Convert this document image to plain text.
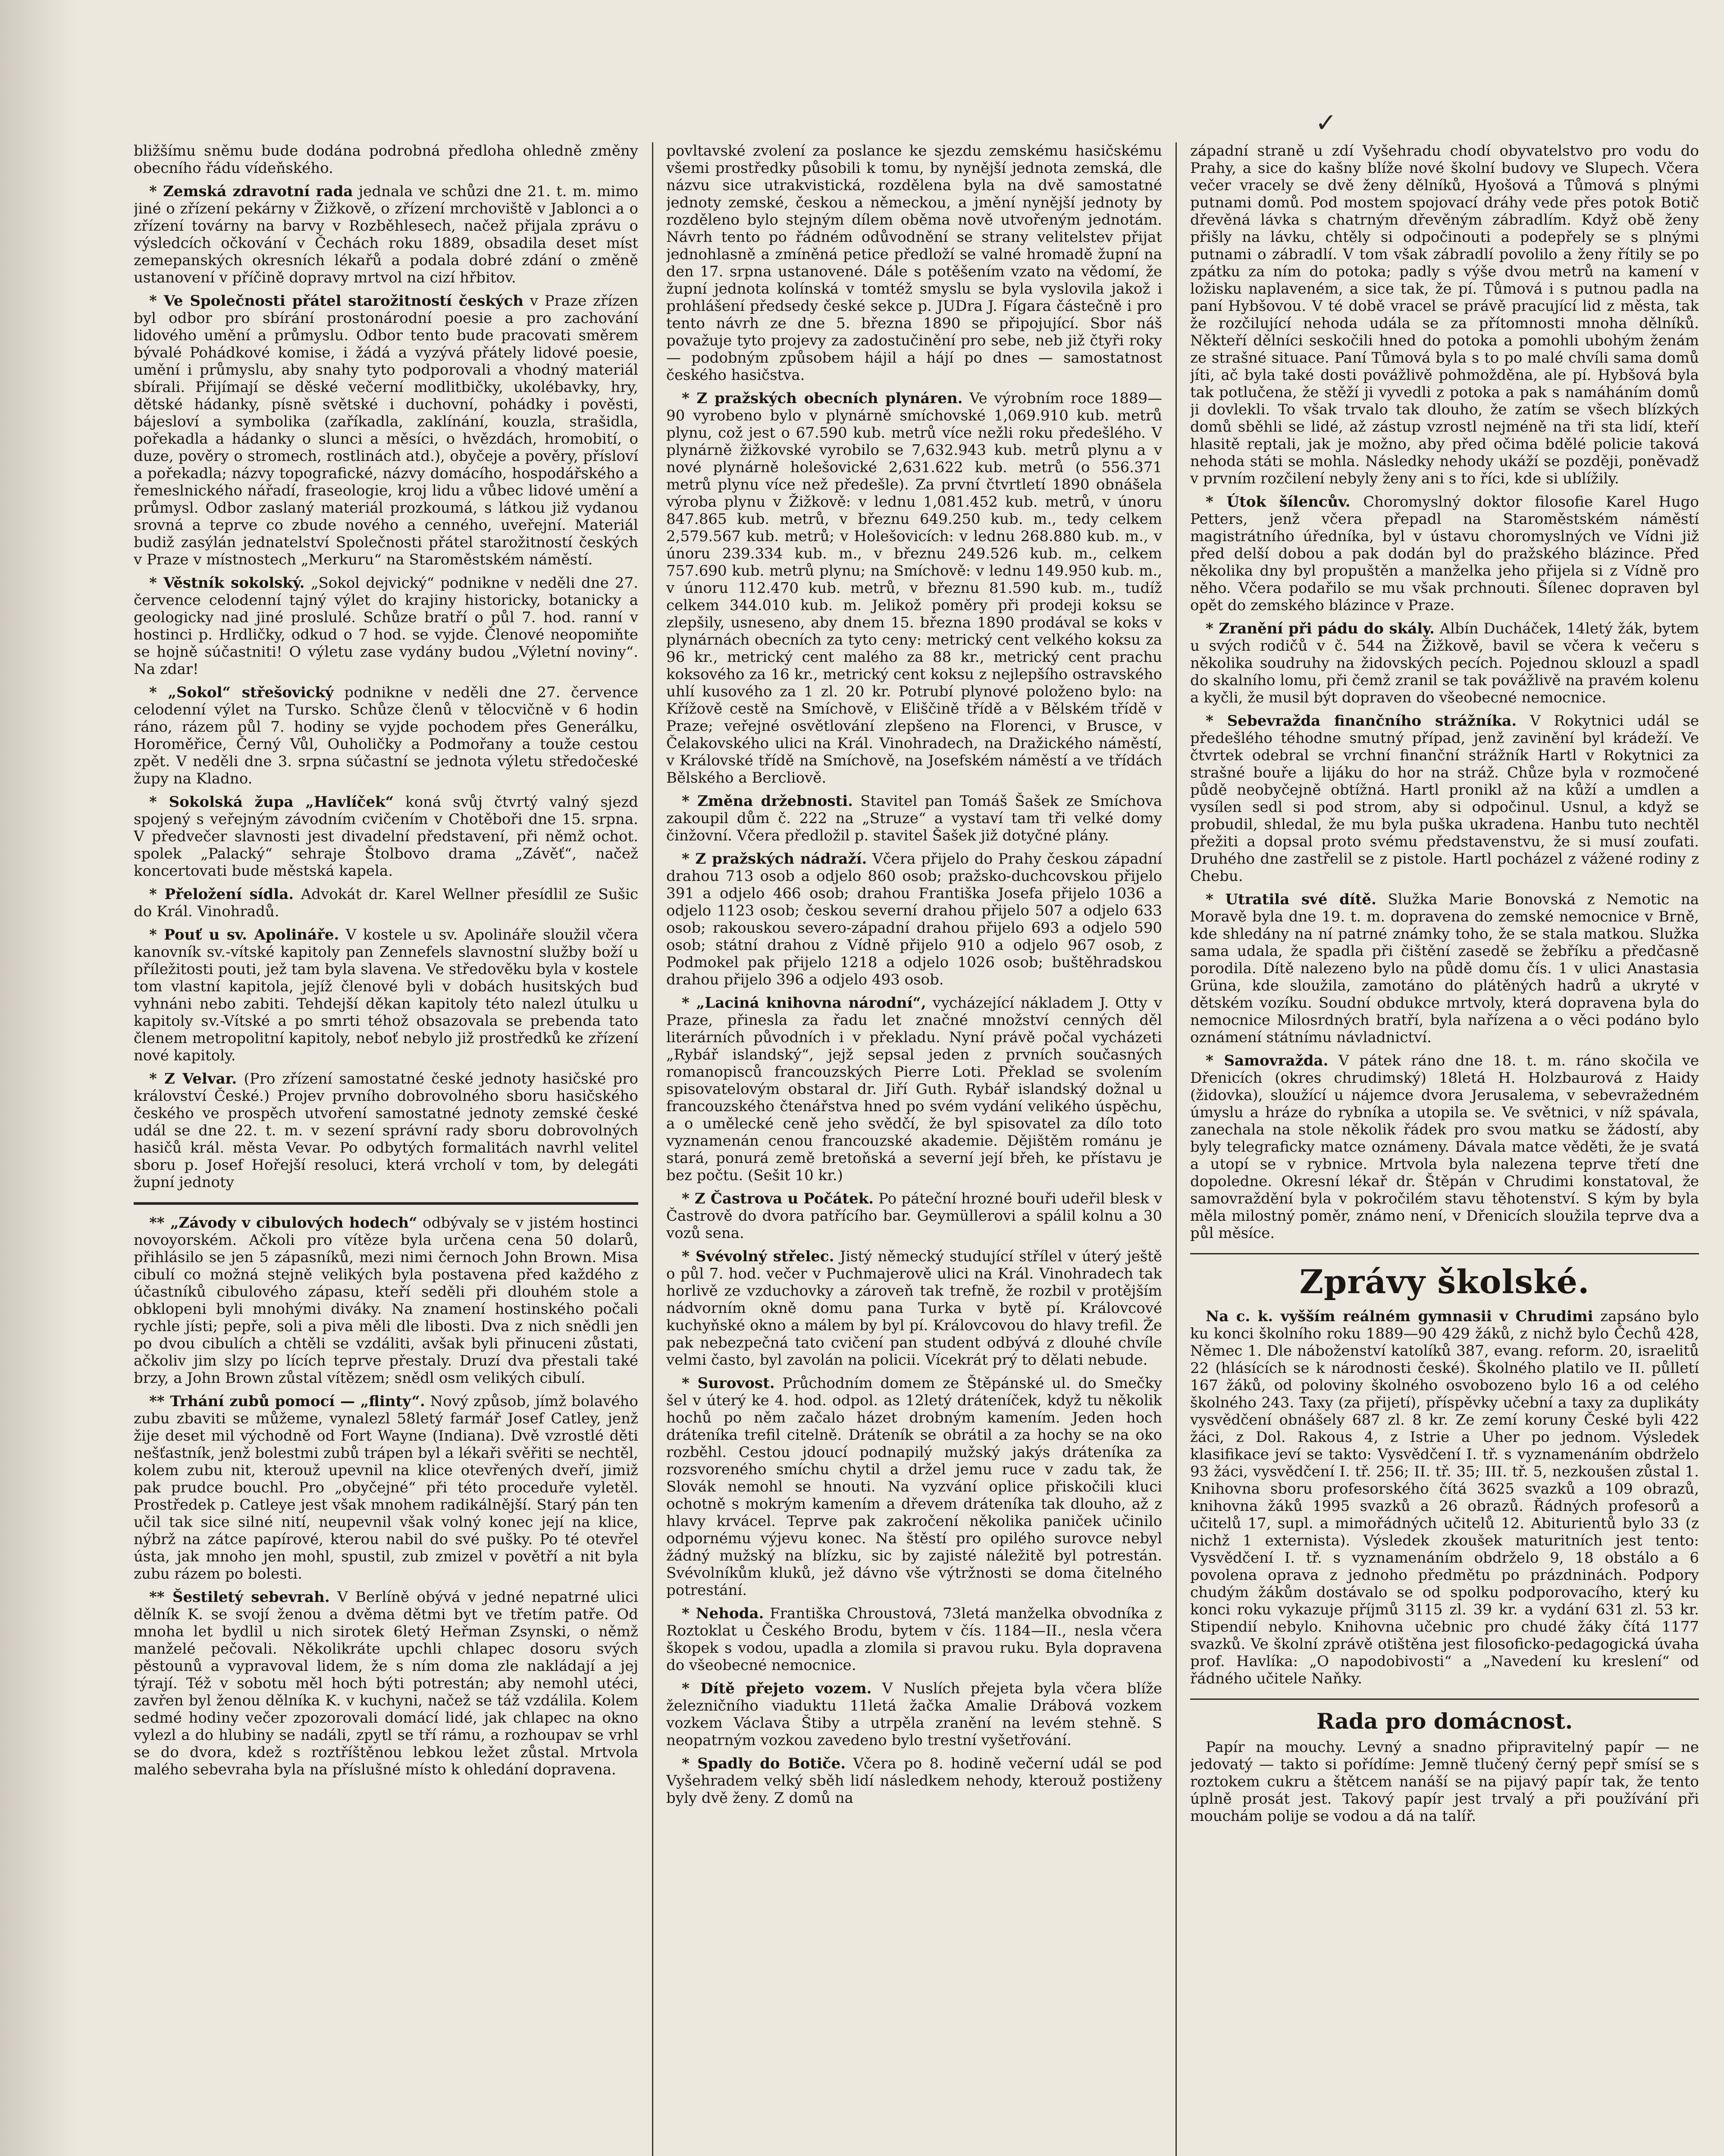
✓

bližšímu sněmu bude dodána podrobná předloha ohledně změny obecního řádu vídeňského.

* Zemská zdravotní rada jednala ve schůzi dne 21. t. m. mimo jiné o zřízení pekárny v Žižkově, o zřízení mrchoviště v Jablonci a o zřízení továrny na barvy v Rozběhlesech, načež přijala zprávu o výsledcích očkování v Čechách roku 1889, obsadila deset míst zemepanských okresních lékařů a podala dobré zdání o změně ustanovení v příčině dopravy mrtvol na cizí hřbitov.

* Ve Společnosti přátel starožitností českých v Praze zřízen byl odbor pro sbírání prostonárodní poesie a pro zachování lidového umění a průmyslu. Odbor tento bude pracovati směrem bývalé Pohádkové komise, i žádá a vyzývá přátely lidové poesie, umění i průmyslu, aby snahy tyto podporovali a vhodný materiál sbírali. Přijímají se děské večerní modlitbičky, ukolébavky, hry, dětské hádanky, písně světské i duchovní, pohádky i pověsti, bájesloví a symbolika (zaříkadla, zaklínání, kouzla, strašidla, pořekadla a hádanky o slunci a měsíci, o hvězdách, hromobití, o duze, pověry o stromech, rostlinách atd.), obyčeje a pověry, přísloví a pořekadla; názvy topografické, názvy domácího, hospodářského a řemeslnického nářadí, fraseologie, kroj lidu a vůbec lidové umění a průmysl. Odbor zaslaný materiál prozkoumá, s látkou již vydanou srovná a teprve co zbude nového a cenného, uveřejní. Materiál budiž zasýlán jednatelství Společnosti přátel starožitností českých v Praze v místnostech „Merkuru“ na Staroměstském náměstí.

* Věstník sokolský. „Sokol dejvický“ podnikne v neděli dne 27. července celodenní tajný výlet do krajiny historicky, botanicky a geologicky nad jiné proslulé. Schůze bratří o půl 7. hod. ranní v hostinci p. Hrdličky, odkud o 7 hod. se vyjde. Členové neopomiňte se hojně súčastniti! O výletu zase vydány budou „Výletní noviny“. Na zdar!

* „Sokol“ střešovický podnikne v neděli dne 27. července celodenní výlet na Tursko. Schůze členů v tělocvičně v 6 hodin ráno, rázem půl 7. hodiny se vyjde pochodem přes Generálku, Horoměřice, Černý Vůl, Ouholičky a Podmořany a touže cestou zpět. V neděli dne 3. srpna súčastní se jednota výletu středočeské župy na Kladno.

* Sokolská župa „Havlíček“ koná svůj čtvrtý valný sjezd spojený s veřejným závodním cvičením v Chotěboři dne 15. srpna. V předvečer slavnosti jest divadelní představení, při němž ochot. spolek „Palacký“ sehraje Štolbovo drama „Závěť“, načež koncertovati bude městská kapela.

* Přeložení sídla. Advokát dr. Karel Wellner přesídlil ze Sušic do Král. Vinohradů.

* Pouť u sv. Apolináře. V kostele u sv. Apolináře sloužil včera kanovník sv.-vítské kapitoly pan Zennefels slavnostní služby boží u příležitosti pouti, jež tam byla slavena. Ve středověku byla v kostele tom vlastní kapitola, jejíž členové byli v dobách husitských buď vyhnáni nebo zabiti. Tehdejší děkan kapitoly této nalezl útulku u kapitoly sv.-Vítské a po smrti téhož obsazovala se prebenda tato členem metropolitní kapitoly, neboť nebylo již prostředků ke zřízení nové kapitoly.

* Z Velvar. (Pro zřízení samostatné české jednoty hasičské pro království České.) Projev prvního dobrovolného sboru hasičského českého ve prospěch utvoření samostatné jednoty zemské české udál se dne 22. t. m. v sezení správní rady sboru dobrovolných hasičů král. města Vevar. Po odbytých formalitách navrhl velitel sboru p. Josef Hořejší resoluci, která vrcholí v tom, by delegáti župní jednoty

** „Závody v cibulových hodech“ odbývaly se v jistém hostinci novoyorském. Ačkoli pro vítěze byla určena cena 50 dolarů, přihlásilo se jen 5 zápasníků, mezi nimi černoch John Brown. Misa cibulí co možná stejně velikých byla postavena před každého z účastníků cibulového zápasu, kteří seděli při dlouhém stole a obklopeni byli mnohými diváky. Na znamení hostinského počali rychle jísti; pepře, soli a piva měli dle libosti. Dva z nich snědli jen po dvou cibulích a chtěli se vzdáliti, avšak byli přinuceni zůstati, ačkoliv jim slzy po lících teprve přestaly. Druzí dva přestali také brzy, a John Brown zůstal vítězem; snědl osm velikých cibulí.

** Trhání zubů pomocí — „flinty“. Nový způsob, jímž bolavého zubu zbaviti se můžeme, vynalezl 58letý farmář Josef Catley, jenž žije deset mil východně od Fort Wayne (Indiana). Dvě vzrostlé děti nešťastník, jenž bolestmi zubů trápen byl a lékaři svěřiti se nechtěl, kolem zubu nit, kterouž upevnil na klice otevřených dveří, jimiž pak prudce bouchl. Pro „obyčejné“ při této proceduře vyletěl. Prostředek p. Catleye jest však mnohem radikálnější. Starý pán ten učil tak sice silné nití, neupevnil však volný konec její na klice, nýbrž na zátce papírové, kterou nabil do své pušky. Po té otevřel ústa, jak mnoho jen mohl, spustil, zub zmizel v povětří a nit byla zubu rázem po bolesti.

** Šestiletý sebevrah. V Berlíně obývá v jedné nepatrné ulici dělník K. se svojí ženou a dvěma dětmi byt ve třetím patře. Od mnoha let bydlil u nich sirotek 6letý Heřman Zsynski, o němž manželé pečovali. Několikráte upchli chlapec dosoru svých pěstounů a vypravoval lidem, že s ním doma zle nakládají a jej týrají. Též v sobotu měl hoch býti potrestán; aby nemohl utéci, zavřen byl ženou dělníka K. v kuchyni, načež se táž vzdálila. Kolem sedmé hodiny večer zpozorovali domácí lidé, jak chlapec na okno vylezl a do hlubiny se nadáli, zpytl se tří rámu, a rozhoupav se vrhl se do dvora, kdež s roztříštěnou lebkou ležet zůstal. Mrtvola malého sebevraha byla na příslušné místo k ohledání dopravena.

povltavské zvolení za poslance ke sjezdu zemskému hasičskému všemi prostředky působili k tomu, by nynější jednota zemská, dle názvu sice utrakvistická, rozdělena byla na dvě samostatné jednoty zemské, českou a německou, a jmění nynější jednoty by rozděleno bylo stejným dílem oběma nově utvořeným jednotám. Návrh tento po řádném odůvodnění se strany velitelstev přijat jednohlasně a zmíněná petice předloží se valné hromadě župní na den 17. srpna ustanovené. Dále s potěšením vzato na vědomí, že župní jednota kolínská v tomtéž smyslu se byla vyslovila jakož i prohlášení předsedy české sekce p. JUDra J. Fígara částečně i pro tento návrh ze dne 5. března 1890 se připojující. Sbor náš považuje tyto projevy za zadostučinění pro sebe, neb již čtyři roky — podobným způsobem hájil a hájí po dnes — samostatnost českého hasičstva.

* Z pražských obecních plynáren. Ve výrobním roce 1889—90 vyrobeno bylo v plynárně smíchovské 1,069.910 kub. metrů plynu, což jest o 67.590 kub. metrů více nežli roku předešlého. V plynárně žižkovské vyrobilo se 7,632.943 kub. metrů plynu a v nové plynárně holešovické 2,631.622 kub. metrů (o 556.371 metrů plynu více než předešle). Za první čtvrtletí 1890 obnášela výroba plynu v Žižkově: v lednu 1,081.452 kub. metrů, v únoru 847.865 kub. metrů, v březnu 649.250 kub. m., tedy celkem 2,579.567 kub. metrů; v Holešovicích: v lednu 268.880 kub. m., v únoru 239.334 kub. m., v březnu 249.526 kub. m., celkem 757.690 kub. metrů plynu; na Smíchově: v lednu 149.950 kub. m., v únoru 112.470 kub. metrů, v březnu 81.590 kub. m., tudíž celkem 344.010 kub. m. Jelikož poměry při prodeji koksu se zlepšily, usneseno, aby dnem 15. března 1890 prodával se koks v plynárnách obecních za tyto ceny: metrický cent velkého koksu za 96 kr., metrický cent malého za 88 kr., metrický cent prachu koksového za 16 kr., metrický cent koksu z nejlepšího ostravského uhlí kusového za 1 zl. 20 kr. Potrubí plynové položeno bylo: na Křížově cestě na Smíchově, v Eliščině třídě a v Bělském třídě v Praze; veřejné osvětlování zlepšeno na Florenci, v Brusce, v Čelakovského ulici na Král. Vinohradech, na Dražického náměstí, v Královské třídě na Smíchově, na Josefském náměstí a ve třídách Bělského a Bercliově.

* Změna držebnosti. Stavitel pan Tomáš Šašek ze Smíchova zakoupil dům č. 222 na „Struze“ a vystaví tam tři velké domy činžovní. Včera předložil p. stavitel Šašek již dotyčné plány.

* Z pražských nádraží. Včera přijelo do Prahy českou západní drahou 713 osob a odjelo 860 osob; pražsko-duchcovskou přijelo 391 a odjelo 466 osob; drahou Františka Josefa přijelo 1036 a odjelo 1123 osob; českou severní drahou přijelo 507 a odjelo 633 osob; rakouskou severo-západní drahou přijelo 693 a odjelo 590 osob; státní drahou z Vídně přijelo 910 a odjelo 967 osob, z Podmokel pak přijelo 1218 a odjelo 1026 osob; buštěhradskou drahou přijelo 396 a odjelo 493 osob.

* „Laciná knihovna národní“, vycházející nákladem J. Otty v Praze, přinesla za řadu let značné množství cenných děl literárních původních i v překladu. Nyní právě počal vycházeti „Rybář islandský“, jejž sepsal jeden z prvních současných romanopisců francouzských Pierre Loti. Překlad se svolením spisovatelovým obstaral dr. Jiří Guth. Rybář islandský dožnal u francouzského čtenářstva hned po svém vydání velikého úspěchu, a o umělecké ceně jeho svědčí, že byl spisovatel za dílo toto vyznamenán cenou francouzské akademie. Dějištěm románu je stará, ponurá země bretoňská a severní její břeh, ke přístavu je bez počtu. (Sešit 10 kr.)

* Z Častrova u Počátek. Po páteční hrozné bouři udeřil blesk v Častrově do dvora patřícího bar. Geymüllerovi a spálil kolnu a 30 vozů sena.

* Svévolný střelec. Jistý německý studující střílel v úterý ještě o půl 7. hod. večer v Puchmajerově ulici na Král. Vinohradech tak horlivě ze vzduchovky a zároveň tak trefně, že rozbil v protějším nádvorním okně domu pana Turka v bytě pí. Královcové kuchyňské okno a málem by byl pí. Královcovou do hlavy trefil. Že pak nebezpečná tato cvičení pan student odbývá z dlouhé chvíle velmi často, byl zavolán na policii. Vícekrát prý to dělati nebude.

* Surovost. Průchodním domem ze Štěpánské ul. do Smečky šel v úterý ke 4. hod. odpol. as 12letý dráteníček, když tu několik hochů po něm začalo házet drobným kamením. Jeden hoch dráteníka trefil citelně. Dráteník se obrátil a za hochy se na oko rozběhl. Cestou jdoucí podnapilý mužský jakýs dráteníka za rozsvoreného smíchu chytil a držel jemu ruce v zadu tak, že Slovák nemohl se hnouti. Na vyzvání oplice přiskočili kluci ochotně s mokrým kamením a dřevem dráteníka tak dlouho, až z hlavy krvácel. Teprve pak zakročení několika paniček učinilo odpornému výjevu konec. Na štěstí pro opilého surovce nebyl žádný mužský na blízku, sic by zajisté náležitě byl potrestán. Svévolníkům kluků, jež dávno vše výtržnosti se doma čitelného potrestání.

* Nehoda. Františka Chroustová, 73letá manželka obvodníka z Roztoklat u Českého Brodu, bytem v čís. 1184—II., nesla včera škopek s vodou, upadla a zlomila si pravou ruku. Byla dopravena do všeobecné nemocnice.

* Dítě přejeto vozem. V Nuslích přejeta byla včera blíže železničního viaduktu 11letá žačka Amalie Drábová vozkem vozkem Václava Štiby a utrpěla zranění na levém stehně. S neopatrným vozkou zavedeno bylo trestní vyšetřování.

* Spadly do Botiče. Včera po 8. hodině večerní udál se pod Vyšehradem velký sběh lidí následkem nehody, kterouž postiženy byly dvě ženy. Z domů na

západní straně u zdí Vyšehradu chodí obyvatelstvo pro vodu do Prahy, a sice do kašny blíže nové školní budovy ve Slupech. Včera večer vracely se dvě ženy dělníků, Hyošová a Tůmová s plnými putnami domů. Pod mostem spojovací dráhy vede přes potok Botič dřevěná lávka s chatrným dřevěným zábradlím. Když obě ženy přišly na lávku, chtěly si odpočinouti a podepřely se s plnými putnami o zábradlí. V tom však zábradlí povolilo a ženy řítily se po zpátku za ním do potoka; padly s výše dvou metrů na kamení v ložisku naplaveném, a sice tak, že pí. Tůmová i s putnou padla na paní Hybšovou. V té době vracel se právě pracující lid z města, tak že rozčilující nehoda udála se za přítomnosti mnoha dělníků. Někteří dělníci seskočili hned do potoka a pomohli ubohým ženám ze strašné situace. Paní Tůmová byla s to po malé chvíli sama domů jíti, ač byla také dosti povážlivě pohmožděna, ale pí. Hybšová byla tak potlučena, že stěží ji vyvedli z potoka a pak s namáháním domů ji dovlekli. To však trvalo tak dlouho, že zatím se všech blízkých domů sběhli se lidé, až zástup vzrostl nejméně na tři sta lidí, kteří hlasitě reptali, jak je možno, aby před očima bdělé policie taková nehoda státi se mohla. Následky nehody ukáží se později, poněvadž v prvním rozčilení nebyly ženy ani s to říci, kde si ublížily.

* Útok šílencův. Choromyslný doktor filosofie Karel Hugo Petters, jenž včera přepadl na Staroměstském náměstí magistrátního úředníka, byl v ústavu choromyslných ve Vídni již před delší dobou a pak dodán byl do pražského blázince. Před několika dny byl propuštěn a manželka jeho přijela si z Vídně pro něho. Včera podařilo se mu však prchnouti. Šílenec dopraven byl opět do zemského blázince v Praze.

* Zranění při pádu do skály. Albín Ducháček, 14letý žák, bytem u svých rodičů v č. 544 na Žižkově, bavil se včera k večeru s několika soudruhy na židovských pecích. Pojednou sklouzl a spadl do skalního lomu, při čemž zranil se tak povážlivě na pravém kolenu a kyčli, že musil být dopraven do všeobecné nemocnice.

* Sebevražda finančního strážníka. V Rokytnici udál se předešlého téhodne smutný případ, jenž zavinění byl krádeží. Ve čtvrtek odebral se vrchní finanční strážník Hartl v Rokytnici za strašné bouře a lijáku do hor na stráž. Chůze byla v rozmočené půdě neobyčejně obtížná. Hartl pronikl až na kůží a umdlen a vysílen sedl si pod strom, aby si odpočinul. Usnul, a když se probudil, shledal, že mu byla puška ukradena. Hanbu tuto nechtěl přežiti a dopsal proto svému představenstvu, že si musí zoufati. Druhého dne zastřelil se z pistole. Hartl pocházel z vážené rodiny z Chebu.

* Utratila své dítě. Služka Marie Bonovská z Nemotic na Moravě byla dne 19. t. m. dopravena do zemské nemocnice v Brně, kde shledány na ní patrné známky toho, že se stala matkou. Služka sama udala, že spadla při čištění zasedě se žebříku a předčasně porodila. Dítě nalezeno bylo na půdě domu čís. 1 v ulici Anastasia Grüna, kde sloužila, zamotáno do plátěných hadrů a ukryté v dětském vozíku. Soudní obdukce mrtvoly, která dopravena byla do nemocnice Milosrdných bratří, byla nařízena a o věci podáno bylo oznámení státnímu návladnictví.

* Samovražda. V pátek ráno dne 18. t. m. ráno skočila ve Dřenicích (okres chrudimský) 18letá H. Holzbaurová z Haidy (židovka), sloužící u nájemce dvora Jerusalema, v sebevražedném úmyslu a hráze do rybníka a utopila se. Ve světnici, v níž spávala, zanechala na stole několik řádek pro svou matku se žádostí, aby byly telegraficky matce oznámeny. Dávala matce věděti, že je svatá a utopí se v rybnice. Mrtvola byla nalezena teprve třetí dne dopoledne. Okresní lékař dr. Štěpán v Chrudimi konstatoval, že samovraždění byla v pokročilém stavu těhotenství. S kým by byla měla milostný poměr, známo není, v Dřenicích sloužila teprve dva a půl měsíce.

Zprávy školské.

Na c. k. vyšším reálném gymnasii v Chrudimi zapsáno bylo ku konci školního roku 1889—90 429 žáků, z nichž bylo Čechů 428, Němec 1. Dle náboženství katolíků 387, evang. reform. 20, israelitů 22 (hlásících se k národnosti české). Školného platilo ve II. půlletí 167 žáků, od poloviny školného osvobozeno bylo 16 a od celého školného 243. Taxy (za přijetí), příspěvky učební a taxy za duplikáty vysvědčení obnášely 687 zl. 8 kr. Ze zemí koruny České byli 422 žáci, z Dol. Rakous 4, z Istrie a Uher po jednom. Výsledek klasifikace jeví se takto: Vysvědčení I. tř. s vyznamenáním obdrželo 93 žáci, vysvědčení I. tř. 256; II. tř. 35; III. tř. 5, nezkoušen zůstal 1. Knihovna sboru profesorského čítá 3625 svazků a 109 obrazů, knihovna žáků 1995 svazků a 26 obrazů. Řádných profesorů a učitelů 17, supl. a mimořádných učitelů 12. Abiturientů bylo 33 (z nichž 1 externista). Výsledek zkoušek maturitních jest tento: Vysvědčení I. tř. s vyznamenáním obdrželo 9, 18 obstálo a 6 povolena oprava z jednoho předmětu po prázdninách. Podpory chudým žákům dostávalo se od spolku podporovacího, který ku konci roku vykazuje příjmů 3115 zl. 39 kr. a vydání 631 zl. 53 kr. Stipendií nebylo. Knihovna učebnic pro chudé žáky čítá 1177 svazků. Ve školní zprávě otištěna jest filosoficko-pedagogická úvaha prof. Havlíka: „O napodobivosti“ a „Navedení ku kreslení“ od řádného učitele Naňky.

Rada pro domácnost.

Papír na mouchy. Levný a snadno připravitelný papír — ne jedovatý — takto si pořídíme: Jemně tlučený černý pepř smísí se s roztokem cukru a štětcem nanáší se na pijavý papír tak, že tento úplně prosát jest. Takový papír jest trvalý a při používání při mouchám polije se vodou a dá na talíř.
